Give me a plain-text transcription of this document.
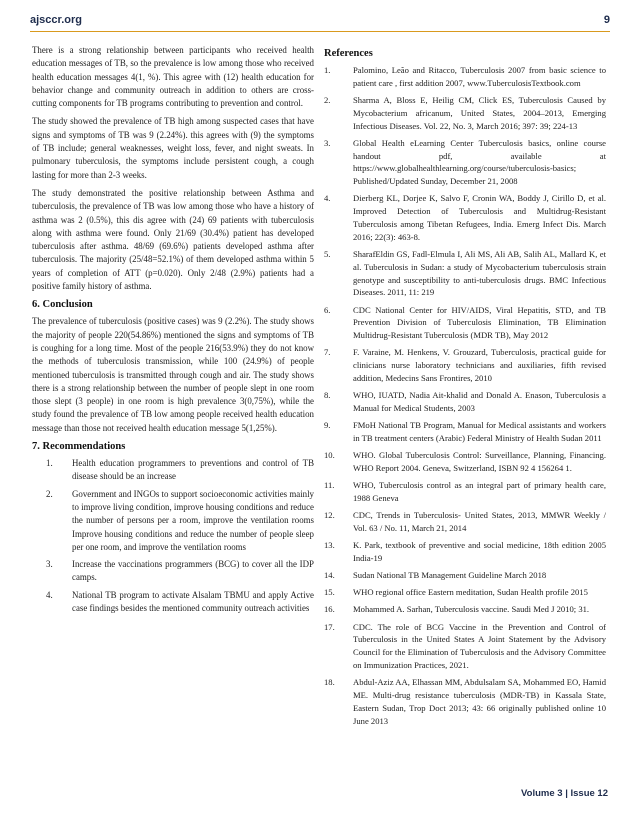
ajsccr.org	9

There is a strong relationship between participants who received health education messages of TB, so the prevalence is low among those who received health education messages 4(1, %). This agree with (12) health education for behavior change and community outreach in addition to others are cross-cutting components for TB programs contributing to prevention and control.

The study showed the prevalence of TB high among suspected cases that have signs and symptoms of TB was 9 (2.24%). this agrees with (9) the symptoms of TB include; general weaknesses, weight loss, fever, and night sweats. In pulmonary tuberculosis, the symptoms include persistent cough, a cough lasting for more than 2-3 weeks.

The study demonstrated the positive relationship between Asthma and tuberculosis, the prevalence of TB was low among those who have a history of asthma was 2 (0.5%), this dis agree with (24) 69 patients with tuberculosis along with asthma were found. Only 21/69 (30.4%) patient has developed tuberculosis after asthma. 48/69 (69.6%) patients developed asthma after tuberculosis. The majority (25/48=52.1%) of them developed asthma within 5 years of completion of ATT (p=0.020). Only 2/48 (2.9%) patients had a positive family history of asthma.

6. Conclusion

The prevalence of tuberculosis (positive cases) was 9 (2.2%). The study shows the majority of people 220(54.86%) mentioned the signs and symptoms of TB is coughing for a long time. Most of the people 216(53.9%) they do not know the methods of tuberculosis transmission, while 100 (24.9%) of people mentioned tuberculosis is transmitted through cough and air. The study shows there is a strong relationship between the number of people slept in one room those slept (3 people) in one room is high prevalence 3(0,75%), while the study found the prevalence of TB low among people received health education message than those not received health education message 5(1,25%).

7. Recommendations
1. Health education programmers to preventions and control of TB disease should be an increase
2. Government and INGOs to support socioeconomic activities mainly to improve living condition, improve housing conditions and reduce the number of persons per a room, improve the ventilation rooms Improve housing conditions and reduce the number of people sleep per one room, and improve the ventilation rooms
3. Increase the vaccinations programmers (BCG) to cover all the IDP camps.
4. National TB program to activate Alsalam TBMU and apply Active case findings besides the mentioned community outreach activities
References
1.	Palomino, Leão and Ritacco, Tuberculosis 2007 from basic science to patient care , first addition 2007, www.TuberculosisTextbook.com
2.	Sharma A, Bloss E, Heilig CM, Click ES, Tuberculosis Caused by Mycobacterium africanum, United States, 2004–2013, Emerging Infectious Diseases. Vol. 22, No. 3, March 2016; 397: 39; 224-13
3.	Global Health eLearning Center Tuberculosis basics, online course handout pdf, available at https://www.globalhealthlearning.org/course/tuberculosis-basics; Published/Updated Sunday, December 21, 2008
4.	Dierberg KL, Dorjee K, Salvo F, Cronin WA, Boddy J, Cirillo D, et al. Improved Detection of Tuberculosis and Multidrug-Resistant Tuberculosis among Tibetan Refugees, India. Emerg Infect Dis. March 2016; 22(3): 463-8.
5.	SharafEldin GS, Fadl-Elmula I, Ali MS, Ali AB, Salih AL, Mallard K, et al. Tuberculosis in Sudan: a study of Mycobacterium tuberculosis strain genotype and susceptibility to anti-tuberculosis drugs. BMC Infectious Diseases. 2011, 11: 219
6.	CDC National Center for HIV/AIDS, Viral Hepatitis, STD, and TB Prevention Division of Tuberculosis Elimination, TB Elimination Multidrug-Resistant Tuberculosis (MDR TB), May 2012
7.	F. Varaine, M. Henkens, V. Grouzard, Tuberculosis, practical guide for clinicians nurse laboratory technicians and auxiliaries, fifth revised addition, Medecins Sans Frontires, 2010
8.	WHO, IUATD, Nadia Ait-khalid and Donald A. Enason, Tuberculosis a Manual for Medical Students, 2003
9.	FMoH National TB Program, Manual for Medical assistants and workers in TB treatment centers (Arabic) Federal Ministry of Health Sudan 2011
10. WHO. Global Tuberculosis Control: Surveillance, Planning, Financing. WHO Report 2004. Geneva, Switzerland, ISBN 92 4 156264 1.
11. WHO, Tuberculosis control as an integral part of primary health care, 1988 Geneva
12. CDC, Trends in Tuberculosis- United States, 2013, MMWR Weekly / Vol. 63 / No. 11, March 21, 2014
13. K. Park, textbook of preventive and social medicine, 18th edition 2005 India-19
14. Sudan National TB Management Guideline March 2018
15. WHO regional office Eastern meditation, Sudan Health profile 2015
16. Mohammed A. Sarhan, Tuberculosis vaccine. Saudi Med J 2010; 31.
17. CDC. The role of BCG Vaccine in the Prevention and Control of Tuberculosis in the United States A Joint Statement by the Advisory Council for the Elimination of Tuberculosis and the Advisory Committee on Immunization Practices, 2021.
18. Abdul-Aziz AA, Elhassan MM, Abdulsalam SA, Mohammed EO, Hamid ME. Multi-drug resistance tuberculosis (MDR-TB) in Kassala State, Eastern Sudan, Trop Doct 2013; 43: 66 originally published online 10 June 2013
Volume 3 | Issue 12
